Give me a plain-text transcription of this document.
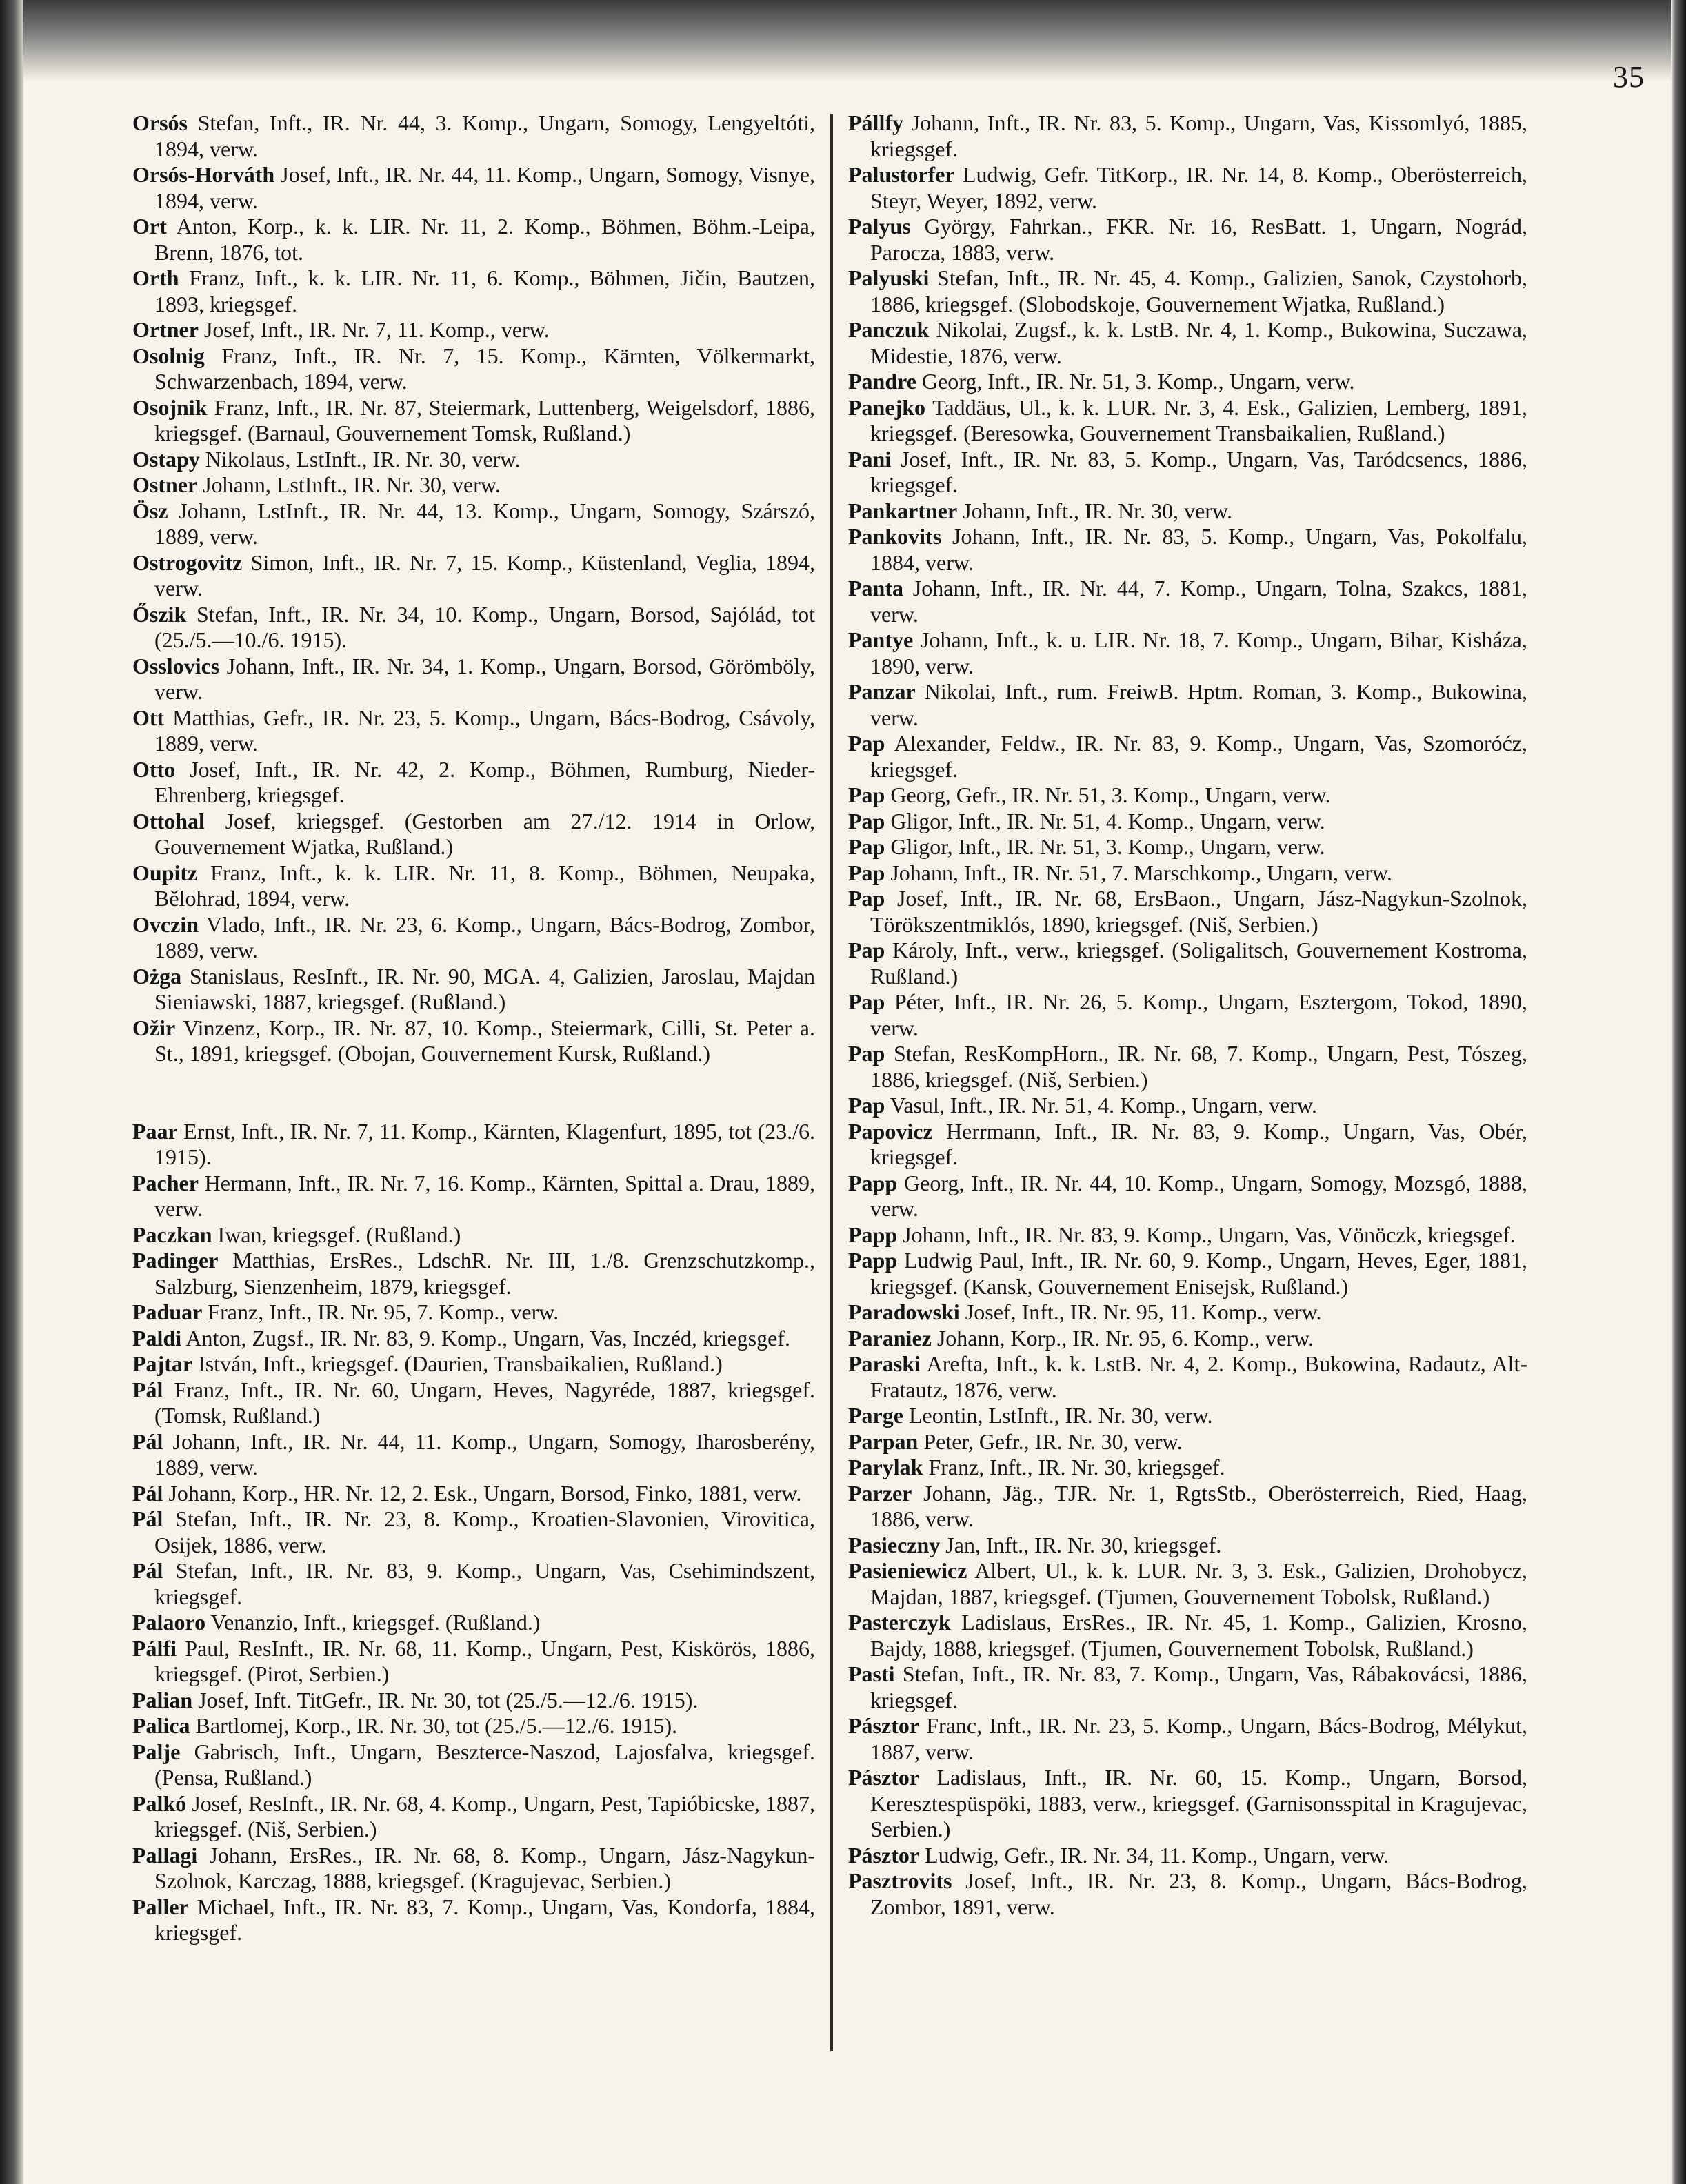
35

Orsós Stefan, Inft., IR. Nr. 44, 3. Komp., Ungarn, Somogy, Lengyeltóti, 1894, verw.

Orsós-Horváth Josef, Inft., IR. Nr. 44, 11. Komp., Ungarn, Somogy, Visnye, 1894, verw.

Ort Anton, Korp., k. k. LIR. Nr. 11, 2. Komp., Böhmen, Böhm.-Leipa, Brenn, 1876, tot.

Orth Franz, Inft., k. k. LIR. Nr. 11, 6. Komp., Böhmen, Jičin, Bautzen, 1893, kriegsgef.

Ortner Josef, Inft., IR. Nr. 7, 11. Komp., verw.

Osolnig Franz, Inft., IR. Nr. 7, 15. Komp., Kärnten, Völkermarkt, Schwarzenbach, 1894, verw.

Osojnik Franz, Inft., IR. Nr. 87, Steiermark, Luttenberg, Weigelsdorf, 1886, kriegsgef. (Barnaul, Gouvernement Tomsk, Rußland.)

Ostapy Nikolaus, LstInft., IR. Nr. 30, verw.

Ostner Johann, LstInft., IR. Nr. 30, verw.

Ösz Johann, LstInft., IR. Nr. 44, 13. Komp., Ungarn, Somogy, Szárszó, 1889, verw.

Ostrogovitz Simon, Inft., IR. Nr. 7, 15. Komp., Küstenland, Veglia, 1894, verw.

Őszik Stefan, Inft., IR. Nr. 34, 10. Komp., Ungarn, Borsod, Sajólád, tot (25./5.—10./6. 1915).

Osslovics Johann, Inft., IR. Nr. 34, 1. Komp., Ungarn, Borsod, Görömböly, verw.

Ott Matthias, Gefr., IR. Nr. 23, 5. Komp., Ungarn, Bács-Bodrog, Csávoly, 1889, verw.

Otto Josef, Inft., IR. Nr. 42, 2. Komp., Böhmen, Rumburg, Nieder-Ehrenberg, kriegsgef.

Ottohal Josef, kriegsgef. (Gestorben am 27./12. 1914 in Orlow, Gouvernement Wjatka, Rußland.)

Oupitz Franz, Inft., k. k. LIR. Nr. 11, 8. Komp., Böhmen, Neupaka, Bělohrad, 1894, verw.

Ovczin Vlado, Inft., IR. Nr. 23, 6. Komp., Ungarn, Bács-Bodrog, Zombor, 1889, verw.

Ożga Stanislaus, ResInft., IR. Nr. 90, MGA. 4, Galizien, Jaroslau, Majdan Sieniawski, 1887, kriegsgef. (Rußland.)

Ožir Vinzenz, Korp., IR. Nr. 87, 10. Komp., Steiermark, Cilli, St. Peter a. St., 1891, kriegsgef. (Obojan, Gouvernement Kursk, Rußland.)

Paar Ernst, Inft., IR. Nr. 7, 11. Komp., Kärnten, Klagenfurt, 1895, tot (23./6. 1915).

Pacher Hermann, Inft., IR. Nr. 7, 16. Komp., Kärnten, Spittal a. Drau, 1889, verw.

Paczkan Iwan, kriegsgef. (Rußland.)

Padinger Matthias, ErsRes., LdschR. Nr. III, 1./8. Grenzschutzkomp., Salzburg, Sienzenheim, 1879, kriegsgef.

Paduar Franz, Inft., IR. Nr. 95, 7. Komp., verw.

Paldi Anton, Zugsf., IR. Nr. 83, 9. Komp., Ungarn, Vas, Inczéd, kriegsgef.

Pajtar István, Inft., kriegsgef. (Daurien, Transbaikalien, Rußland.)

Pál Franz, Inft., IR. Nr. 60, Ungarn, Heves, Nagyréde, 1887, kriegsgef. (Tomsk, Rußland.)

Pál Johann, Inft., IR. Nr. 44, 11. Komp., Ungarn, Somogy, Iharosberény, 1889, verw.

Pál Johann, Korp., HR. Nr. 12, 2. Esk., Ungarn, Borsod, Finko, 1881, verw.

Pál Stefan, Inft., IR. Nr. 23, 8. Komp., Kroatien-Slavonien, Virovitica, Osijek, 1886, verw.

Pál Stefan, Inft., IR. Nr. 83, 9. Komp., Ungarn, Vas, Csehimindszent, kriegsgef.

Palaoro Venanzio, Inft., kriegsgef. (Rußland.)

Pálfi Paul, ResInft., IR. Nr. 68, 11. Komp., Ungarn, Pest, Kiskörös, 1886, kriegsgef. (Pirot, Serbien.)

Palian Josef, Inft. TitGefr., IR. Nr. 30, tot (25./5.—12./6. 1915).

Palica Bartlomej, Korp., IR. Nr. 30, tot (25./5.—12./6. 1915).

Palje Gabrisch, Inft., Ungarn, Beszterce-Naszod, Lajosfalva, kriegsgef. (Pensa, Rußland.)

Palkó Josef, ResInft., IR. Nr. 68, 4. Komp., Ungarn, Pest, Tapióbicske, 1887, kriegsgef. (Niš, Serbien.)

Pallagi Johann, ErsRes., IR. Nr. 68, 8. Komp., Ungarn, Jász-Nagykun-Szolnok, Karczag, 1888, kriegsgef. (Kragujevac, Serbien.)

Paller Michael, Inft., IR. Nr. 83, 7. Komp., Ungarn, Vas, Kondorfa, 1884, kriegsgef.

Pállfy Johann, Inft., IR. Nr. 83, 5. Komp., Ungarn, Vas, Kissomlyó, 1885, kriegsgef.

Palustorfer Ludwig, Gefr. TitKorp., IR. Nr. 14, 8. Komp., Oberösterreich, Steyr, Weyer, 1892, verw.

Palyus György, Fahrkan., FKR. Nr. 16, ResBatt. 1, Ungarn, Nográd, Parocza, 1883, verw.

Palyuski Stefan, Inft., IR. Nr. 45, 4. Komp., Galizien, Sanok, Czystohorb, 1886, kriegsgef. (Slobodskoje, Gouvernement Wjatka, Rußland.)

Panczuk Nikolai, Zugsf., k. k. LstB. Nr. 4, 1. Komp., Bukowina, Suczawa, Midestie, 1876, verw.

Pandre Georg, Inft., IR. Nr. 51, 3. Komp., Ungarn, verw.

Panejko Taddäus, Ul., k. k. LUR. Nr. 3, 4. Esk., Galizien, Lemberg, 1891, kriegsgef. (Beresowka, Gouvernement Transbaikalien, Rußland.)

Pani Josef, Inft., IR. Nr. 83, 5. Komp., Ungarn, Vas, Taródcsencs, 1886, kriegsgef.

Pankartner Johann, Inft., IR. Nr. 30, verw.

Pankovits Johann, Inft., IR. Nr. 83, 5. Komp., Ungarn, Vas, Pokolfalu, 1884, verw.

Panta Johann, Inft., IR. Nr. 44, 7. Komp., Ungarn, Tolna, Szakcs, 1881, verw.

Pantye Johann, Inft., k. u. LIR. Nr. 18, 7. Komp., Ungarn, Bihar, Kisháza, 1890, verw.

Panzar Nikolai, Inft., rum. FreiwB. Hptm. Roman, 3. Komp., Bukowina, verw.

Pap Alexander, Feldw., IR. Nr. 83, 9. Komp., Ungarn, Vas, Szomoróćz, kriegsgef.

Pap Georg, Gefr., IR. Nr. 51, 3. Komp., Ungarn, verw.

Pap Gligor, Inft., IR. Nr. 51, 4. Komp., Ungarn, verw.

Pap Gligor, Inft., IR. Nr. 51, 3. Komp., Ungarn, verw.

Pap Johann, Inft., IR. Nr. 51, 7. Marschkomp., Ungarn, verw.

Pap Josef, Inft., IR. Nr. 68, ErsBaon., Ungarn, Jász-Nagykun-Szolnok, Törökszentmiklós, 1890, kriegsgef. (Niš, Serbien.)

Pap Károly, Inft., verw., kriegsgef. (Soligalitsch, Gouvernement Kostroma, Rußland.)

Pap Péter, Inft., IR. Nr. 26, 5. Komp., Ungarn, Esztergom, Tokod, 1890, verw.

Pap Stefan, ResKompHorn., IR. Nr. 68, 7. Komp., Ungarn, Pest, Tószeg, 1886, kriegsgef. (Niš, Serbien.)

Pap Vasul, Inft., IR. Nr. 51, 4. Komp., Ungarn, verw.

Papovicz Herrmann, Inft., IR. Nr. 83, 9. Komp., Ungarn, Vas, Obér, kriegsgef.

Papp Georg, Inft., IR. Nr. 44, 10. Komp., Ungarn, Somogy, Mozsgó, 1888, verw.

Papp Johann, Inft., IR. Nr. 83, 9. Komp., Ungarn, Vas, Vönöczk, kriegsgef.

Papp Ludwig Paul, Inft., IR. Nr. 60, 9. Komp., Ungarn, Heves, Eger, 1881, kriegsgef. (Kansk, Gouvernement Enisejsk, Rußland.)

Paradowski Josef, Inft., IR. Nr. 95, 11. Komp., verw.

Paraniez Johann, Korp., IR. Nr. 95, 6. Komp., verw.

Paraski Arefta, Inft., k. k. LstB. Nr. 4, 2. Komp., Bukowina, Radautz, Alt-Fratautz, 1876, verw.

Parge Leontin, LstInft., IR. Nr. 30, verw.

Parpan Peter, Gefr., IR. Nr. 30, verw.

Parylak Franz, Inft., IR. Nr. 30, kriegsgef.

Parzer Johann, Jäg., TJR. Nr. 1, RgtsStb., Oberösterreich, Ried, Haag, 1886, verw.

Pasieczny Jan, Inft., IR. Nr. 30, kriegsgef.

Pasieniewicz Albert, Ul., k. k. LUR. Nr. 3, 3. Esk., Galizien, Drohobycz, Majdan, 1887, kriegsgef. (Tjumen, Gouvernement Tobolsk, Rußland.)

Pasterczyk Ladislaus, ErsRes., IR. Nr. 45, 1. Komp., Galizien, Krosno, Bajdy, 1888, kriegsgef. (Tjumen, Gouvernement Tobolsk, Rußland.)

Pasti Stefan, Inft., IR. Nr. 83, 7. Komp., Ungarn, Vas, Rábakovácsi, 1886, kriegsgef.

Pásztor Franc, Inft., IR. Nr. 23, 5. Komp., Ungarn, Bács-Bodrog, Mélykut, 1887, verw.

Pásztor Ladislaus, Inft., IR. Nr. 60, 15. Komp., Ungarn, Borsod, Keresztespüspöki, 1883, verw., kriegsgef. (Garnisonsspital in Kragujevac, Serbien.)

Pásztor Ludwig, Gefr., IR. Nr. 34, 11. Komp., Ungarn, verw.

Pasztrovits Josef, Inft., IR. Nr. 23, 8. Komp., Ungarn, Bács-Bodrog, Zombor, 1891, verw.
